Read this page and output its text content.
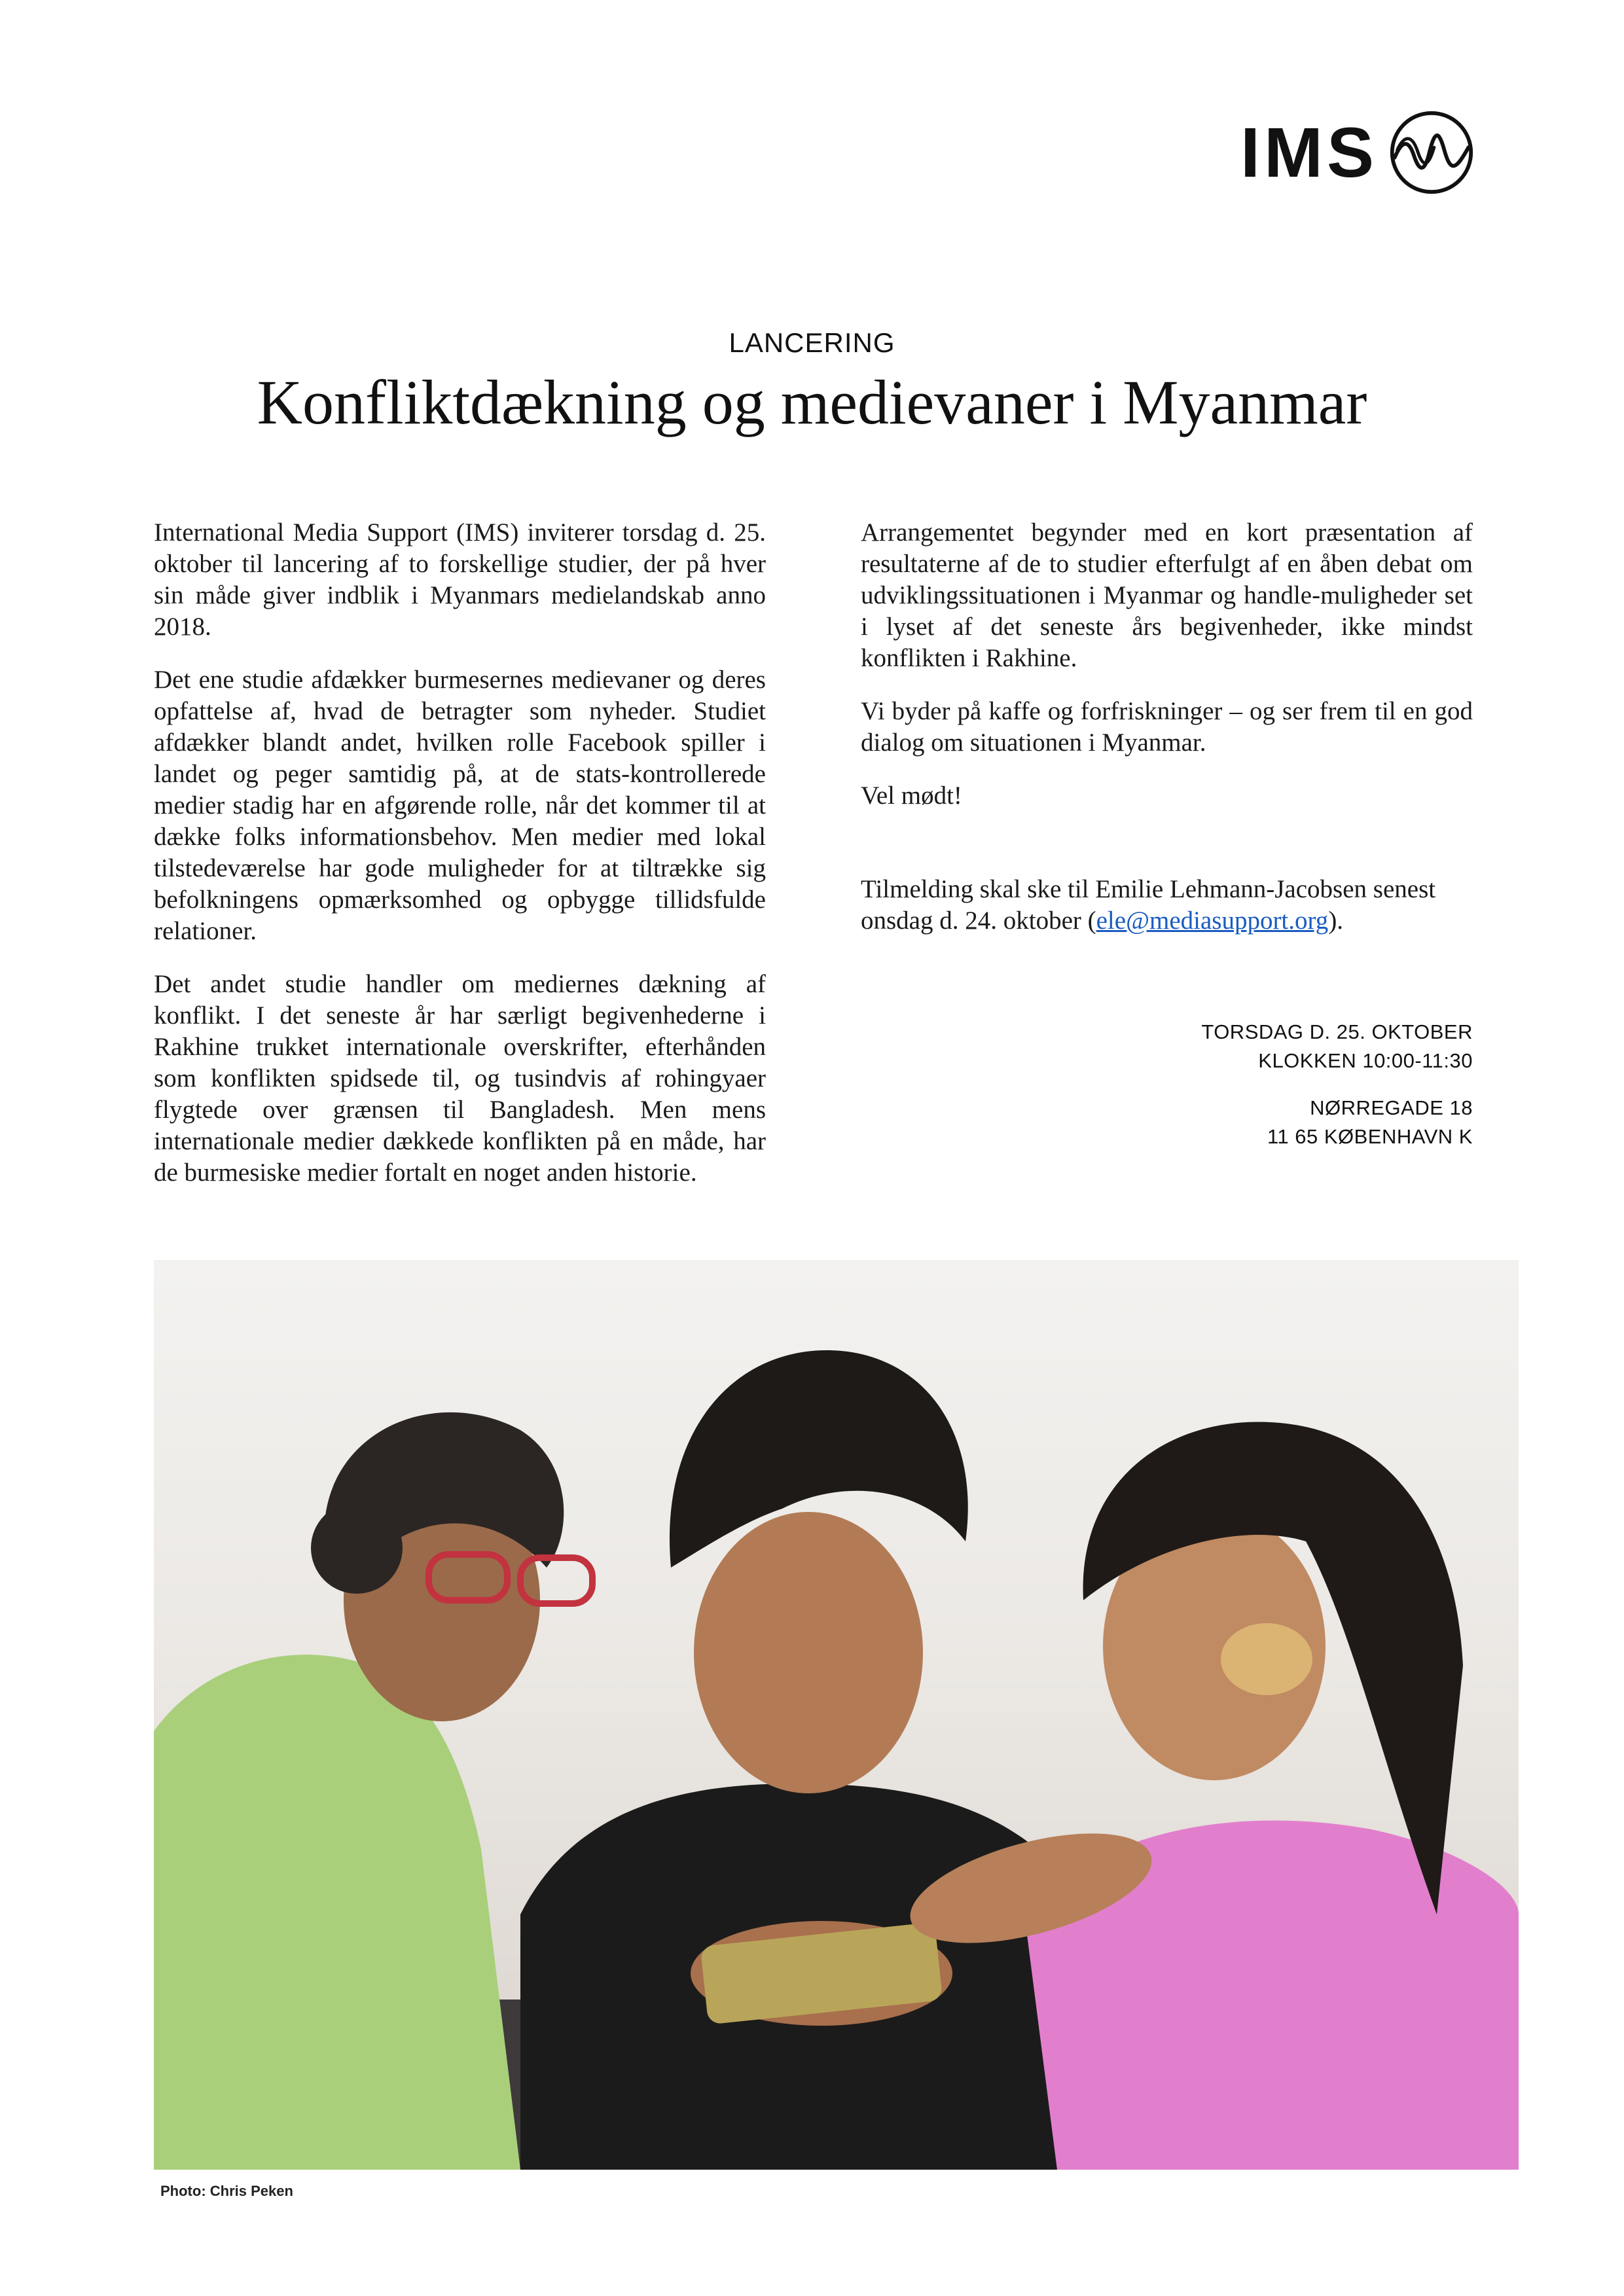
IMS
LANCERING
Konfliktdækning og medievaner i Myanmar

International Media Support (IMS) inviterer torsdag d. 25. oktober til lancering af to forskellige studier, der på hver sin måde giver indblik i Myanmars medielandskab anno 2018.

Det ene studie afdækker burmesernes medievaner og deres opfattelse af, hvad de betragter som nyheder. Studiet afdækker blandt andet, hvilken rolle Facebook spiller i landet og peger samtidig på, at de stats-kontrollerede medier stadig har en afgørende rolle, når det kommer til at dække folks informationsbehov. Men medier med lokal tilstedeværelse har gode muligheder for at tiltrække sig befolkningens opmærksomhed og opbygge tillidsfulde relationer.

Det andet studie handler om mediernes dækning af konflikt. I det seneste år har særligt begivenhederne i Rakhine trukket internationale overskrifter, efterhånden som konflikten spidsede til, og tusindvis af rohingyaer flygtede over grænsen til Bangladesh. Men mens internationale medier dækkede konflikten på en måde, har de burmesiske medier fortalt en noget anden historie.

Arrangementet begynder med en kort præsentation af resultaterne af de to studier efterfulgt af en åben debat om udviklingssituationen i Myanmar og handle-muligheder set i lyset af det seneste års begivenheder, ikke mindst konflikten i Rakhine.

Vi byder på kaffe og forfriskninger – og ser frem til en god dialog om situationen i Myanmar.

Vel mødt!

Tilmelding skal ske til Emilie Lehmann-Jacobsen senest onsdag d. 24. oktober (ele@mediasupport.org).

TORSDAG D. 25. OKTOBER
KLOKKEN 10:00-11:30
NØRREGADE 18
11 65 KØBENHAVN K
Photo: Chris Peken
